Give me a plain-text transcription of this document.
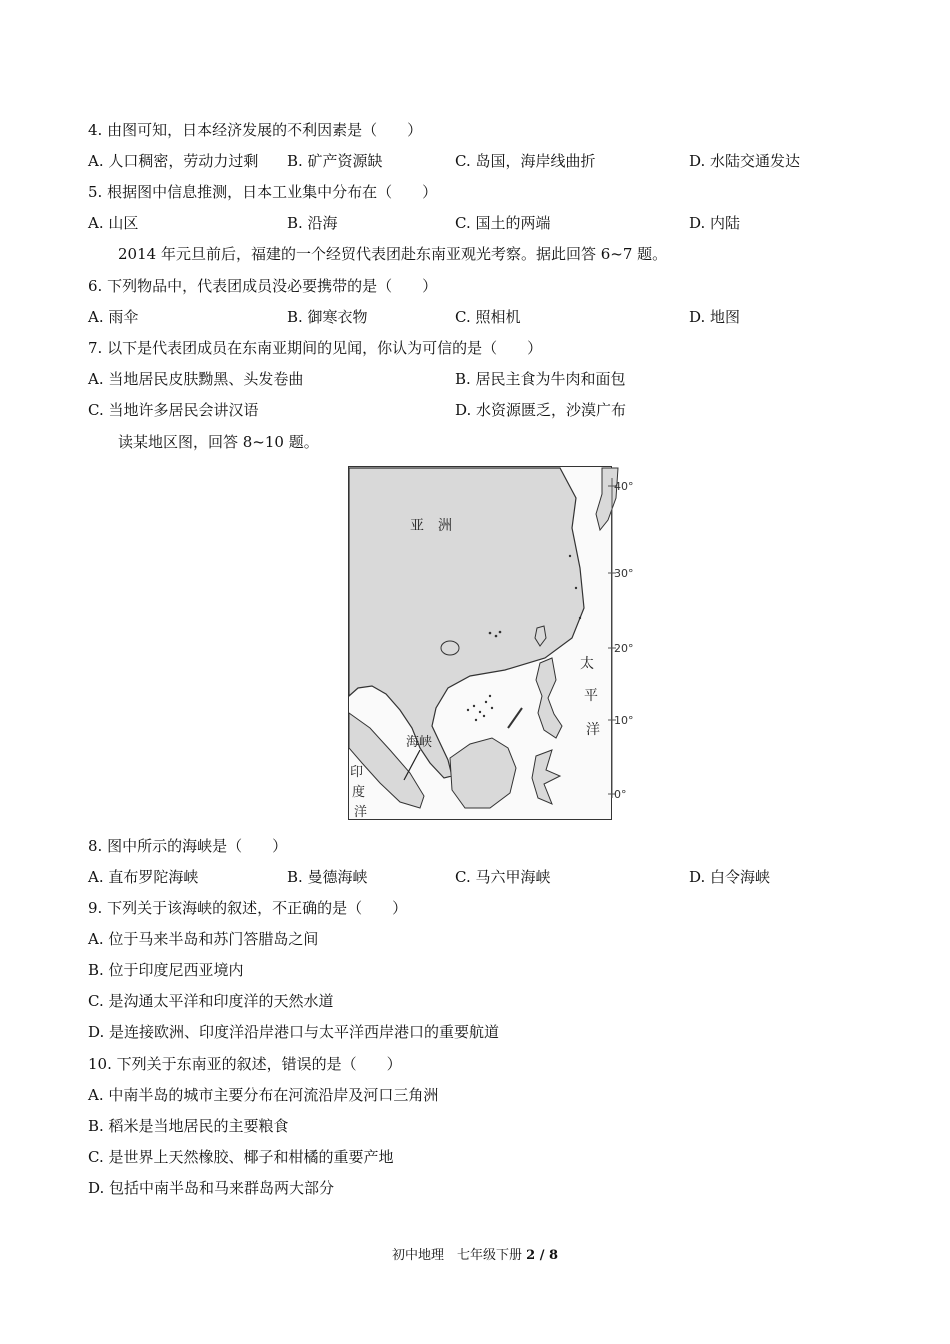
4. 由图可知，日本经济发展的不利因素是（　　）
A. 人口稠密，劳动力过剩 B. 矿产资源缺	C. 岛国，海岸线曲折	D. 水陆交通发达
5. 根据图中信息推测，日本工业集中分布在（　　）
A. 山区	B. 沿海	C. 国土的两端	D. 内陆
2014 年元旦前后，福建的一个经贸代表团赴东南亚观光考察。据此回答 6~7 题。
6. 下列物品中，代表团成员没必要携带的是（　　）
A. 雨伞	B. 御寒衣物	C. 照相机	D. 地图
7. 以下是代表团成员在东南亚期间的见闻，你认为可信的是（　　）
A. 当地居民皮肤黝黑、头发卷曲	B. 居民主食为牛肉和面包
C. 当地许多居民会讲汉语	D. 水资源匮乏，沙漠广布
读某地区图，回答 8~10 题。
亚　洲
40°
30°
20°
10°
0°
太
平
洋
海峡
印
度
洋
8. 图中所示的海峡是（　　）
A. 直布罗陀海峡	B. 曼德海峡	C. 马六甲海峡	D. 白令海峡
9. 下列关于该海峡的叙述，不正确的是（　　）
A. 位于马来半岛和苏门答腊岛之间
B. 位于印度尼西亚境内
C. 是沟通太平洋和印度洋的天然水道
D. 是连接欧洲、印度洋沿岸港口与太平洋西岸港口的重要航道
10. 下列关于东南亚的叙述，错误的是（　　）
A. 中南半岛的城市主要分布在河流沿岸及河口三角洲
B. 稻米是当地居民的主要粮食
C. 是世界上天然橡胶、椰子和柑橘的重要产地
D. 包括中南半岛和马来群岛两大部分
初中地理　七年级下册 2 / 8
